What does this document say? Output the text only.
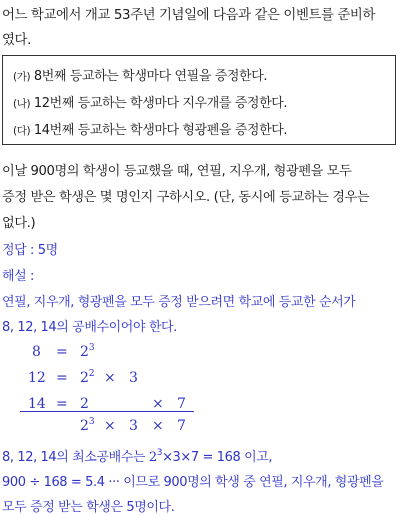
어느 학교에서 개교 53주년 기념일에 다음과 같은 이벤트를 준비하
였다.
(가) 8번째 등교하는 학생마다 연필을 증정한다.
(나) 12번째 등교하는 학생마다 지우개를 증정한다.
(다) 14번째 등교하는 학생마다 형광펜을 증정한다.
이날 900명의 학생이 등교했을 때, 연필, 지우개, 형광펜을 모두
증정 받은 학생은 몇 명인지 구하시오. (단, 동시에 등교하는 경우는
없다.)
정답 : 5명
해설 :
연필, 지우개, 형광펜을 모두 증정 받으려면 학교에 등교한 순서가
8, 12, 14의 공배수이어야 한다.
$8 = 2^3$
$12 = 2^2 \times 3$
14 = 2	× 7
$2^3 \times 3 \times 7$
8, 12, 14의 최소공배수는 $2^3\times 3\times 7 = 168$ 이고,
900 ÷ 168 = 5.4 ··· 이므로 900명의 학생 중 연필, 지우개, 형광펜을
모두 증정 받는 학생은 5명이다.
